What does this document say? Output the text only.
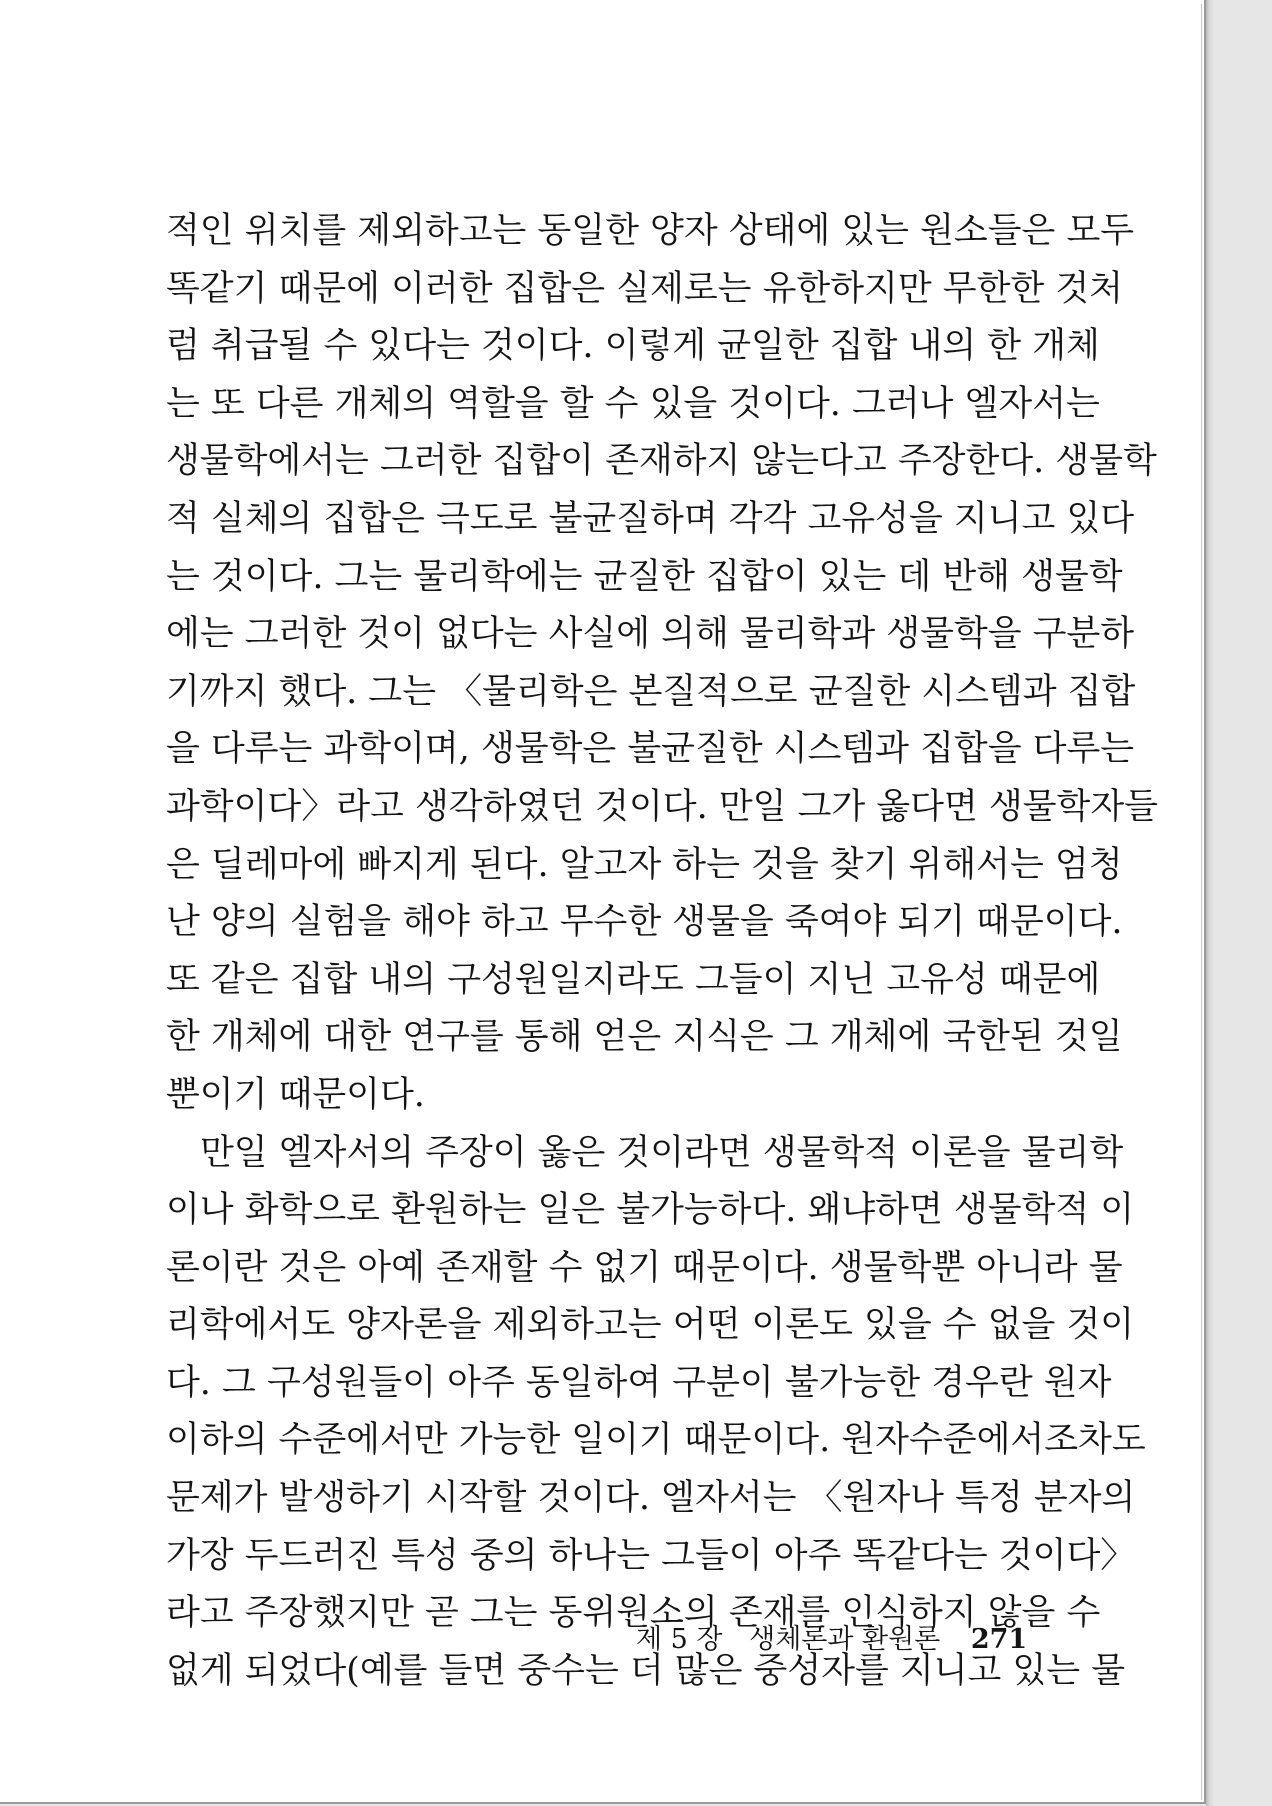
적인 위치를 제외하고는 동일한 양자 상태에 있는 원소들은 모두
똑같기 때문에 이러한 집합은 실제로는 유한하지만 무한한 것처
럼 취급될 수 있다는 것이다. 이렇게 균일한 집합 내의 한 개체
는 또 다른 개체의 역할을 할 수 있을 것이다. 그러나 엘자서는
생물학에서는 그러한 집합이 존재하지 않는다고 주장한다. 생물학
적 실체의 집합은 극도로 불균질하며 각각 고유성을 지니고 있다
는 것이다. 그는 물리학에는 균질한 집합이 있는 데 반해 생물학
에는 그러한 것이 없다는 사실에 의해 물리학과 생물학을 구분하
기까지 했다. 그는 〈물리학은 본질적으로 균질한 시스템과 집합
을 다루는 과학이며, 생물학은 불균질한 시스템과 집합을 다루는
과학이다〉라고 생각하였던 것이다. 만일 그가 옳다면 생물학자들
은 딜레마에 빠지게 된다. 알고자 하는 것을 찾기 위해서는 엄청
난 양의 실험을 해야 하고 무수한 생물을 죽여야 되기 때문이다.
또 같은 집합 내의 구성원일지라도 그들이 지닌 고유성 때문에
한 개체에 대한 연구를 통해 얻은 지식은 그 개체에 국한된 것일
뿐이기 때문이다.
만일 엘자서의 주장이 옳은 것이라면 생물학적 이론을 물리학
이나 화학으로 환원하는 일은 불가능하다. 왜냐하면 생물학적 이
론이란 것은 아예 존재할 수 없기 때문이다. 생물학뿐 아니라 물
리학에서도 양자론을 제외하고는 어떤 이론도 있을 수 없을 것이
다. 그 구성원들이 아주 동일하여 구분이 불가능한 경우란 원자
이하의 수준에서만 가능한 일이기 때문이다. 원자수준에서조차도
문제가 발생하기 시작할 것이다. 엘자서는 〈원자나 특정 분자의
가장 두드러진 특성 중의 하나는 그들이 아주 똑같다는 것이다〉
라고 주장했지만 곧 그는 동위원소의 존재를 인식하지 않을 수
없게 되었다(예를 들면 중수는 더 많은 중성자를 지니고 있는 물
제 5 장 생체론과 환원론 271
